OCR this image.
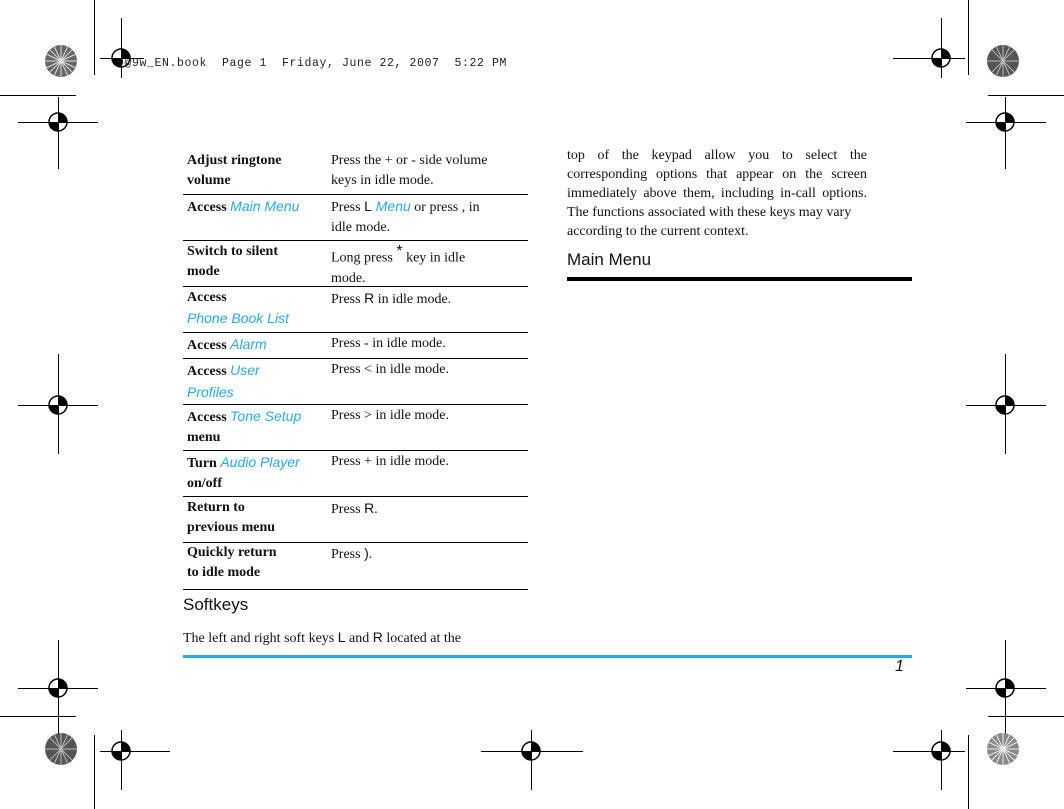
9@9w_EN.book  Page 1  Friday, June 22, 2007  5:22 PM
Adjust ringtone
volume
Press the + or - side volume
keys in idle mode.
Access Main Menu	Press L Menu or press , in
idle mode.
Switch to silent
mode
Long press * key in idle
mode.
Access
Phone Book List
Press R in idle mode.
Access Alarm	Press - in idle mode.
Access User
Profiles
Press < in idle mode.
Access Tone Setup
menu
Press > in idle mode.
Turn Audio Player
on/off
Press + in idle mode.
Return to
previous menu
Press R.
Quickly return
to idle mode
Press ).
Softkeys
The left and right soft keys L and R located at the
top of the keypad allow you to select the
corresponding options that appear on the screen
immediately above them, including in-call options.
The functions associated with these keys may vary
according to the current context.
Main Menu
1
